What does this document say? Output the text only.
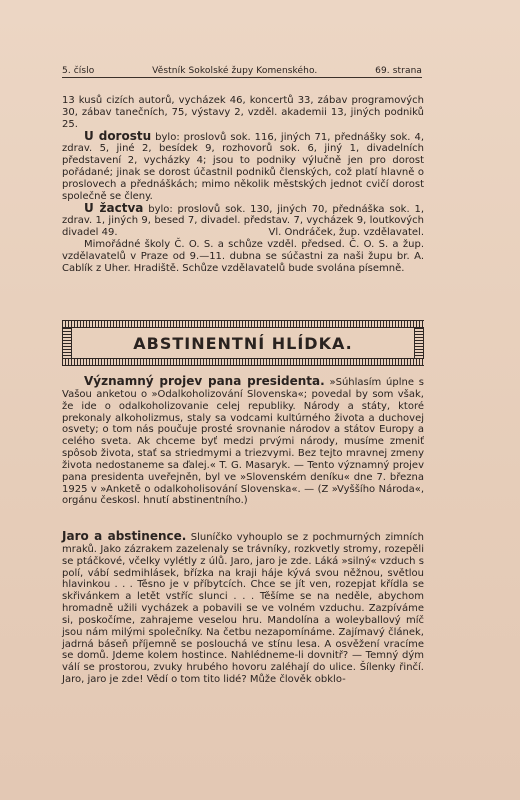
5. číslo	Věstník Sokolské župy Komenského.	69. strana

13 kusů cizích autorů, vycházek 46, koncertů 33, zábav programových 30, zábav tanečních, 75, výstavy 2, vzděl. akademii 13, jiných podniků 25.

U dorostu bylo: proslovů sok. 116, jiných 71, přednášky sok. 4, zdrav. 5, jiné 2, besídek 9, rozhovorů sok. 6, jiný 1, divadelních představení 2, vycházky 4; jsou to podniky výlučně jen pro dorost pořádané; jinak se dorost účastnil podniků členských, což platí hlavně o proslovech a přednáškách; mimo několik městských jednot cvičí dorost společně se členy.

U žactva bylo: proslovů sok. 130, jiných 70, přednáška sok. 1, zdrav. 1, jiných 9, besed 7, divadel. představ. 7, vycházek 9, loutkových divadel 49.	Vl. Ondráček, žup. vzdělavatel.

Mimořádné školy Č. O. S. a schůze vzděl. předsed. Č. O. S. a žup. vzdělavatelů v Praze od 9.—11. dubna se súčastni za naši župu br. A. Cablík z Uher. Hradiště. Schůze vzdělavatelů bude svolána písemně.

ABSTINENTNÍ HLÍDKA.

Významný projev pana presidenta. »Súhlasím úplne s Vašou anketou o »Odalkoholizování Slovenska«; povedal by som však, že ide o odalkoholizovanie celej republiky. Národy a státy, ktoré prekonaly alkoholizmus, staly sa vodcami kultúrného života a duchovej osvety; o tom nás poučuje prosté srovnanie národov a státov Europy a celého sveta. Ak chceme byť medzi prvými národy, musíme zmeniť spôsob života, stať sa striedmymi a triezvymi. Bez tejto mravnej zmeny života nedostaneme sa ďalej.« T. G. Masaryk. — Tento významný projev pana presidenta uveřejněn, byl ve »Slovenském deníku« dne 7. března 1925 v »Anketě o odalkoholisování Slovenska«. — (Z »Vyššího Národa«, orgánu českosl. hnutí abstinentního.)

Jaro a abstinence. Sluníčko vyhouplo se z pochmurných zimních mraků. Jako zázrakem zazelenaly se trávníky, rozkvetly stromy, rozepěli se ptáčkové, včelky vylétly z úlů. Jaro, jaro je zde. Láká »silný« vzduch s polí, vábí sedmihlásek, břízka na kraji háje kývá svou něžnou, světlou hlavinkou . . . Těsno je v příbytcích. Chce se jít ven, rozepjat křídla se skřivánkem a letět vstříc slunci . . . Těšíme se na neděle, abychom hromadně užili vycházek a pobavili se ve volném vzduchu. Zazpíváme si, poskočíme, zahrajeme veselou hru. Mandolína a woleyballový míč jsou nám milými společníky. Na četbu nezapomínáme. Zajímavý článek, jadrná báseň příjemně se poslouchá ve stínu lesa. A osvěžení vracíme se domů. Jdeme kolem hostince. Nahlédneme-li dovnitř? — Temný dým válí se prostorou, zvuky hrubého hovoru zaléhají do ulice. Šílenky řinčí. Jaro, jaro je zde! Vědí o tom tito lidé? Může člověk obklo-
